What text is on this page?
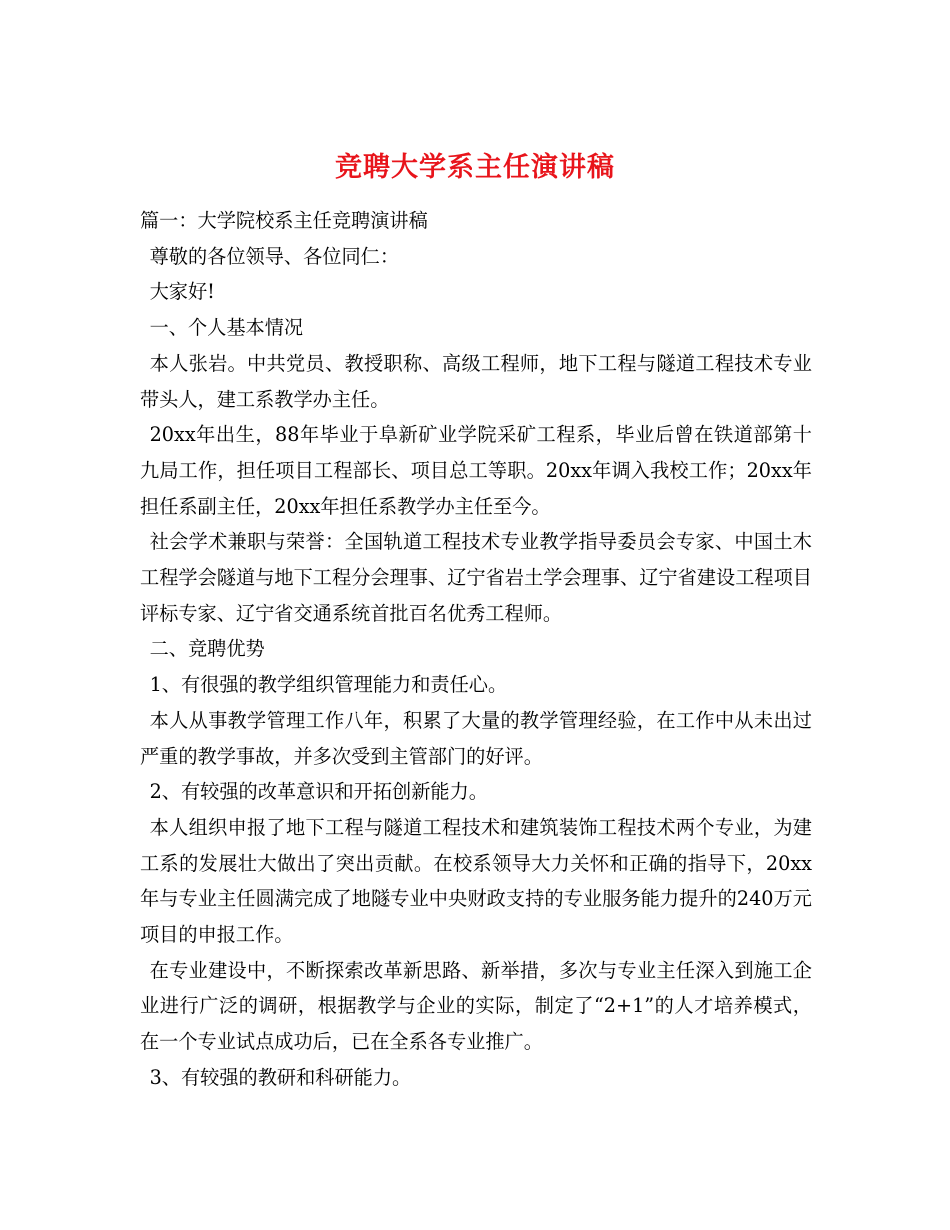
竞聘大学系主任演讲稿

篇一：大学院校系主任竞聘演讲稿

尊敬的各位领导、各位同仁：

大家好!

一、个人基本情况

本人张岩。中共党员、教授职称、高级工程师，地下工程与隧道工程技术专业带头人，建工系教学办主任。

20xx年出生，88年毕业于阜新矿业学院采矿工程系，毕业后曾在铁道部第十九局工作，担任项目工程部长、项目总工等职。20xx年调入我校工作；20xx年担任系副主任，20xx年担任系教学办主任至今。

社会学术兼职与荣誉：全国轨道工程技术专业教学指导委员会专家、中国土木工程学会隧道与地下工程分会理事、辽宁省岩土学会理事、辽宁省建设工程项目评标专家、辽宁省交通系统首批百名优秀工程师。

二、竞聘优势

1、有很强的教学组织管理能力和责任心。

本人从事教学管理工作八年，积累了大量的教学管理经验，在工作中从未出过严重的教学事故，并多次受到主管部门的好评。

2、有较强的改革意识和开拓创新能力。

本人组织申报了地下工程与隧道工程技术和建筑装饰工程技术两个专业，为建工系的发展壮大做出了突出贡献。在校系领导大力关怀和正确的指导下，20xx年与专业主任圆满完成了地隧专业中央财政支持的专业服务能力提升的240万元项目的申报工作。

在专业建设中，不断探索改革新思路、新举措，多次与专业主任深入到施工企业进行广泛的调研，根据教学与企业的实际，制定了“2+1”的人才培养模式，在一个专业试点成功后，已在全系各专业推广。

3、有较强的教研和科研能力。
